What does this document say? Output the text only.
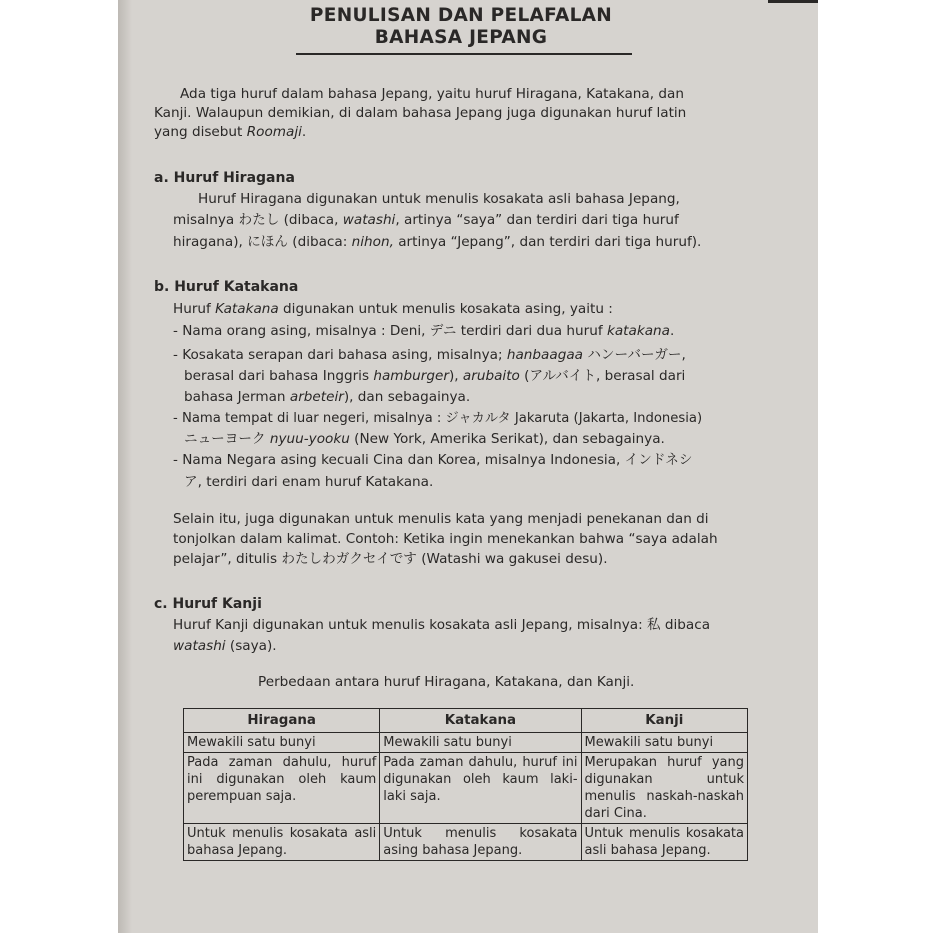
PENULISAN DAN PELAFALAN
BAHASA JEPANG
Ada tiga huruf dalam bahasa Jepang, yaitu huruf Hiragana, Katakana, dan
Kanji. Walaupun demikian, di dalam bahasa Jepang juga digunakan huruf latin
yang disebut Roomaji.
a. Huruf Hiragana
Huruf Hiragana digunakan untuk menulis kosakata asli bahasa Jepang,
misalnya わたし (dibaca, watashi, artinya “saya” dan terdiri dari tiga huruf
hiragana), にほん (dibaca: nihon, artinya “Jepang”, dan terdiri dari tiga huruf).
b. Huruf Katakana
Huruf Katakana digunakan untuk menulis kosakata asing, yaitu :
- Nama orang asing, misalnya : Deni, デニ terdiri dari dua huruf katakana.
- Kosakata serapan dari bahasa asing, misalnya; hanbaagaa ハンーバーガー,
berasal dari bahasa Inggris hamburger), arubaito (アルバイト, berasal dari
bahasa Jerman arbeteir), dan sebagainya.
- Nama tempat di luar negeri, misalnya : ジャカルタ Jakaruta (Jakarta, Indonesia)
ニューヨーク nyuu-yooku (New York, Amerika Serikat), dan sebagainya.
- Nama Negara asing kecuali Cina dan Korea, misalnya Indonesia, インドネシ
ア, terdiri dari enam huruf Katakana.
Selain itu, juga digunakan untuk menulis kata yang menjadi penekanan dan di
tonjolkan dalam kalimat. Contoh: Ketika ingin menekankan bahwa “saya adalah
pelajar”, ditulis わたしわガクセイです (Watashi wa gakusei desu).
c. Huruf Kanji
Huruf Kanji digunakan untuk menulis kosakata asli Jepang, misalnya: 私 dibaca
watashi (saya).
Perbedaan antara huruf Hiragana, Katakana, dan Kanji.
Hiragana	Katakana	Kanji
Mewakili satu bunyi	Mewakili satu bunyi	Mewakili satu bunyi
Pada zaman dahulu, huruf ini digunakan oleh kaum perempuan saja.	Pada zaman dahulu, huruf ini digunakan oleh kaum laki-laki saja.	Merupakan huruf yang digunakan untuk menulis naskah-naskah dari Cina.
Untuk menulis kosakata asli bahasa Jepang.	Untuk menulis kosakata asing bahasa Jepang.	Untuk menulis kosakata asli bahasa Jepang.
